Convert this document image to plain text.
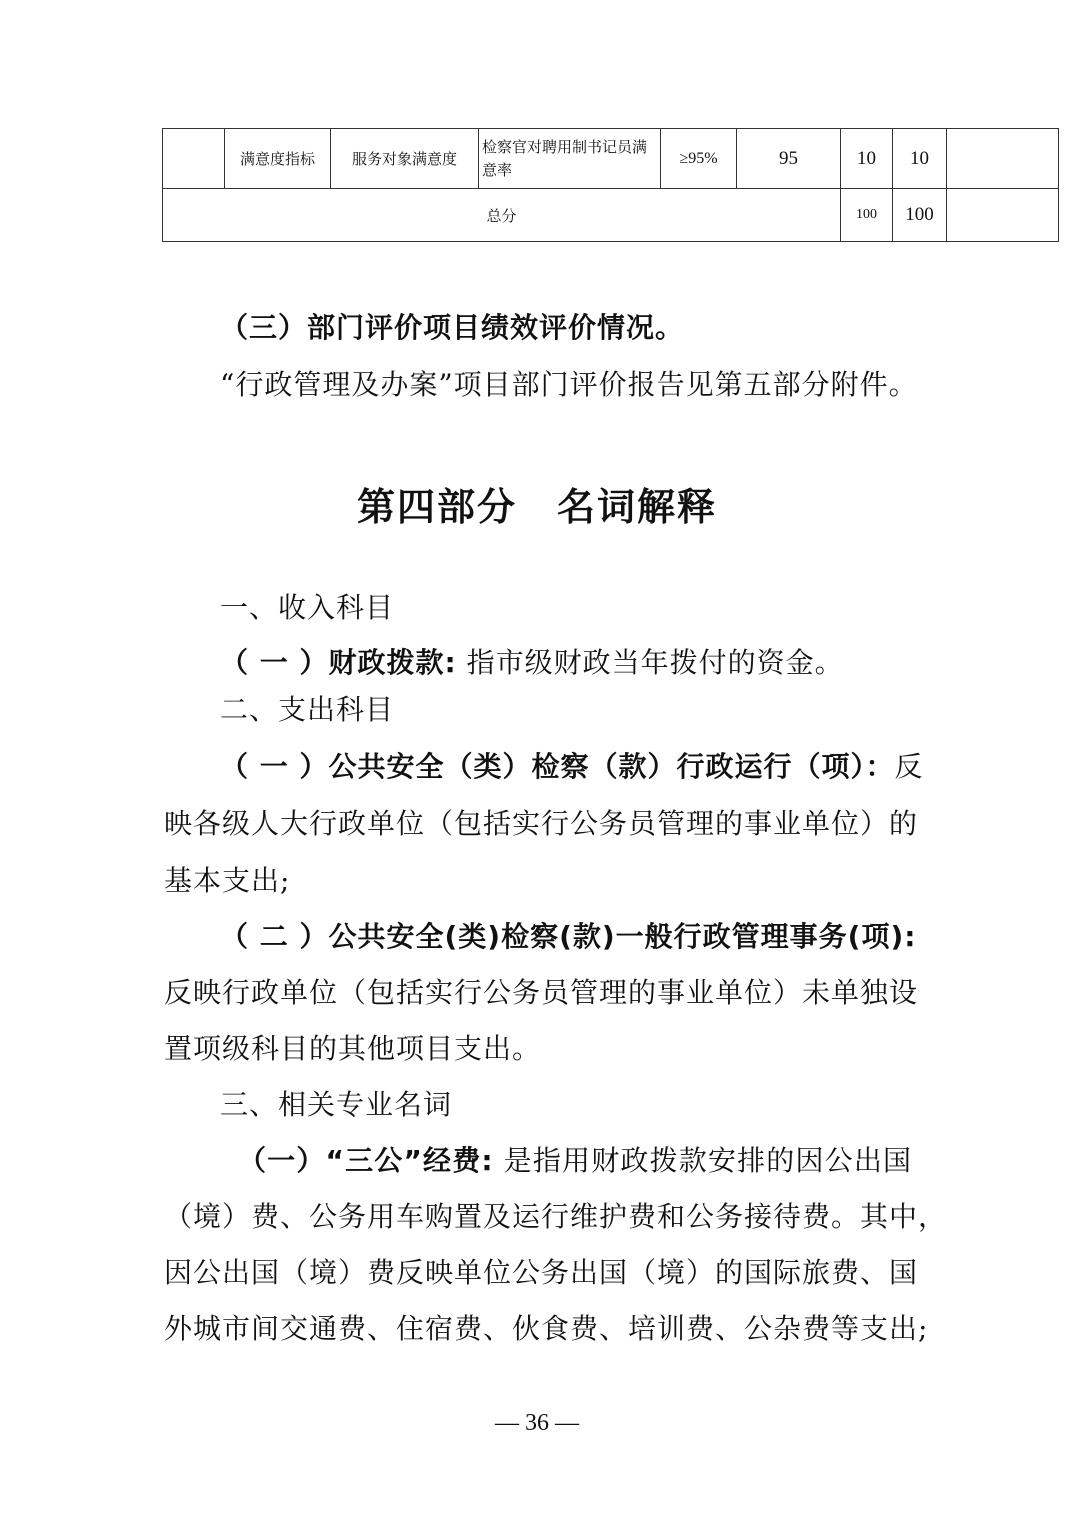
	满意度指标	服务对象满意度	检察官对聘用制书记员满意率	≥95%	95	10	10	
总分						100	100	
（三）部门评价项目绩效评价情况。
“行政管理及办案”项目部门评价报告见第五部分附件。
第四部分　名词解释
一、收入科目
（ 一 ）财政拨款: 指市级财政当年拨付的资金。
二、支出科目
（ 一 ）公共安全（类）检察（款）行政运行（项）：反
映各级人大行政单位（包括实行公务员管理的事业单位）的
基本支出;
（ 二 ）公共安全(类)检察(款)一般行政管理事务(项):
反映行政单位（包括实行公务员管理的事业单位）未单独设
置项级科目的其他项目支出。
三、相关专业名词
（一）“三公”经费: 是指用财政拨款安排的因公出国
（境）费、公务用车购置及运行维护费和公务接待费。其中，
因公出国（境）费反映单位公务出国（境）的国际旅费、国
外城市间交通费、住宿费、伙食费、培训费、公杂费等支出;
— 36 —
